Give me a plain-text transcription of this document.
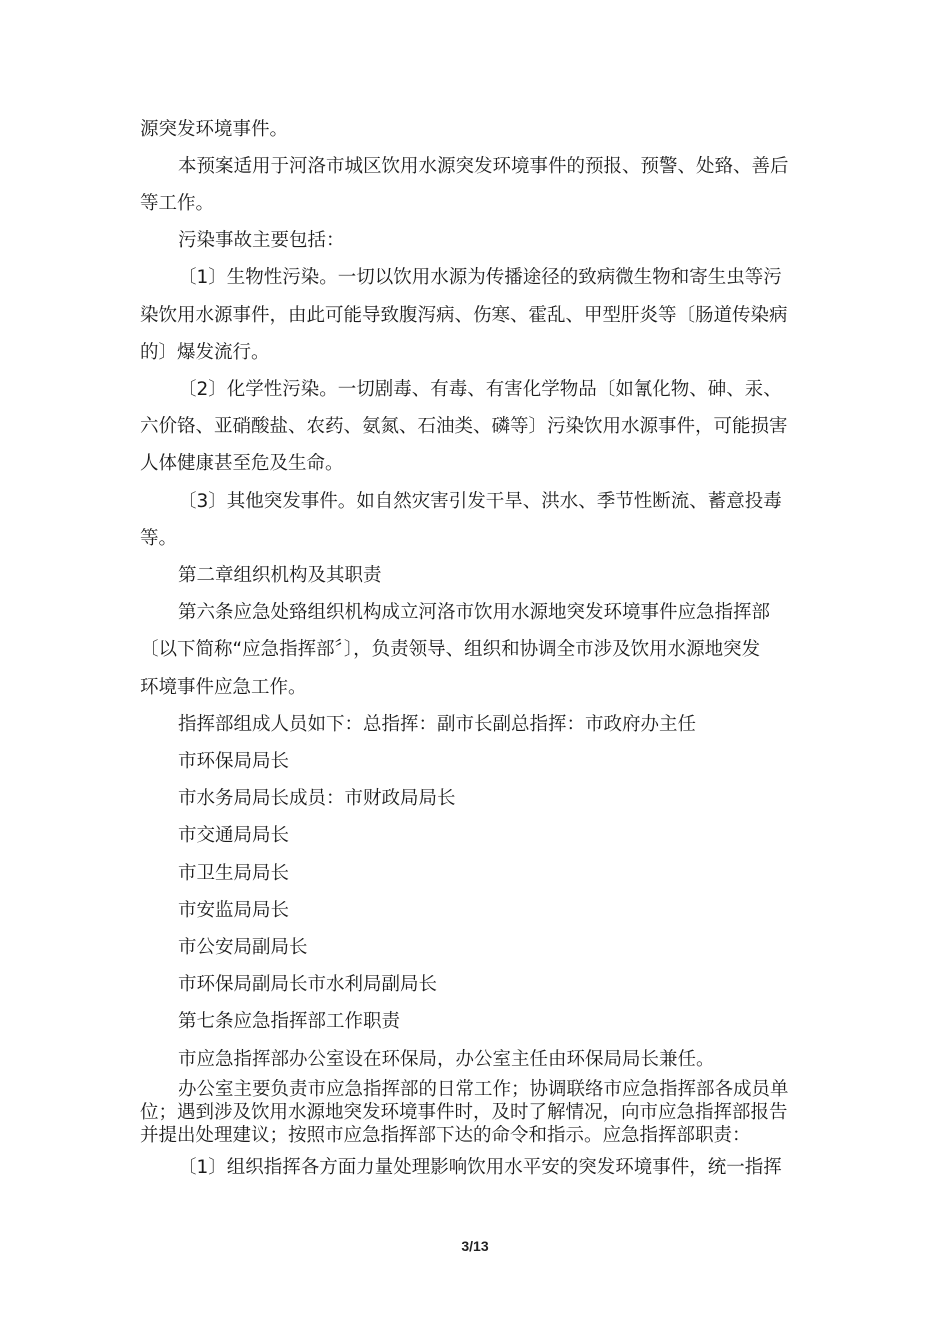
源突发环境事件。
本预案适用于河洛市城区饮用水源突发环境事件的预报、预警、处臵、善后
等工作。
污染事故主要包括：
〔1〕生物性污染。一切以饮用水源为传播途径的致病微生物和寄生虫等污
染饮用水源事件，由此可能导致腹泻病、伤寒、霍乱、甲型肝炎等〔肠道传染病
的〕爆发流行。
〔2〕化学性污染。一切剧毒、有毒、有害化学物品〔如氰化物、砷、汞、
六价铬、亚硝酸盐、农药、氨氮、石油类、磷等〕污染饮用水源事件，可能损害
人体健康甚至危及生命。
〔3〕其他突发事件。如自然灾害引发干旱、洪水、季节性断流、蓄意投毒
等。
第二章组织机构及其职责
第六条应急处臵组织机构成立河洛市饮用水源地突发环境事件应急指挥部
〔以下简称“应急指挥部〞〕，负责领导、组织和协调全市涉及饮用水源地突发
环境事件应急工作。
指挥部组成人员如下：总指挥：副市长副总指挥：市政府办主任
市环保局局长
市水务局局长成员：市财政局局长
市交通局局长
市卫生局局长
市安监局局长
市公安局副局长
市环保局副局长市水利局副局长
第七条应急指挥部工作职责
市应急指挥部办公室设在环保局，办公室主任由环保局局长兼任。
办公室主要负责市应急指挥部的日常工作；协调联络市应急指挥部各成员单
位；遇到涉及饮用水源地突发环境事件时，及时了解情况，向市应急指挥部报告
并提出处理建议；按照市应急指挥部下达的命令和指示。应急指挥部职责：
〔1〕组织指挥各方面力量处理影响饮用水平安的突发环境事件，统一指挥
3/13
